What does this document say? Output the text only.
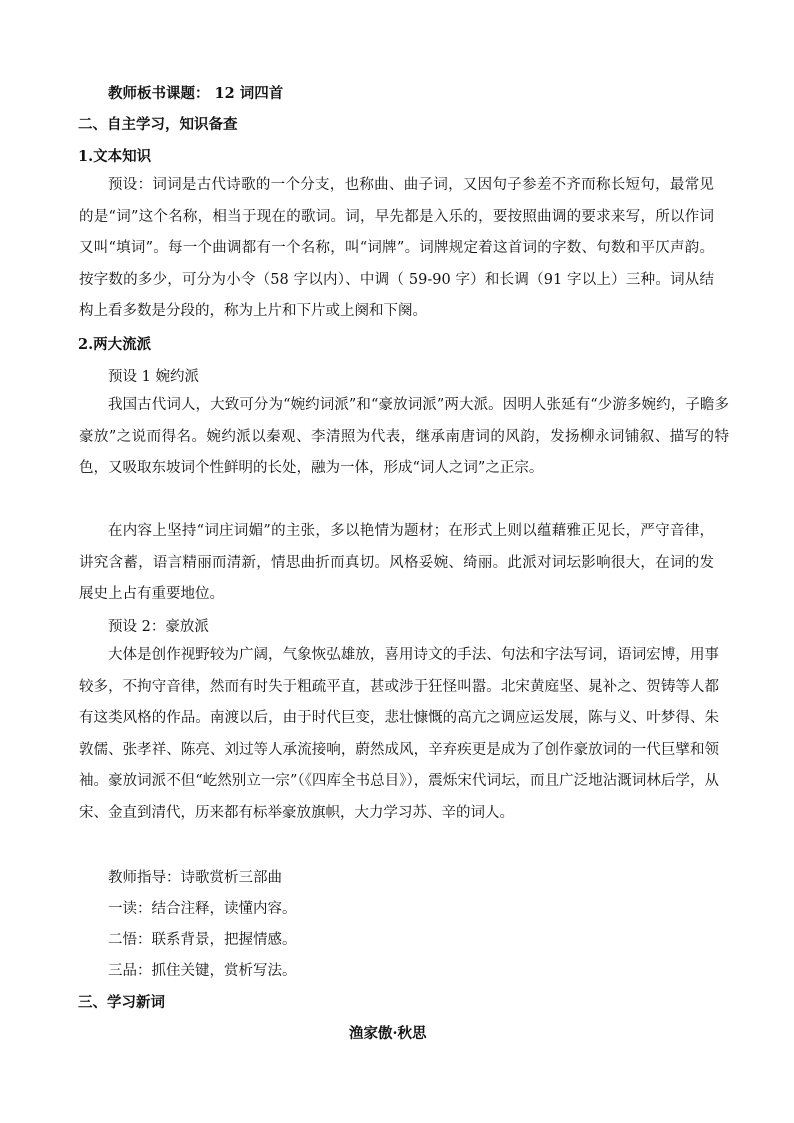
教师板书课题： 12 词四首
二、自主学习，知识备查
1.文本知识

预设：词词是古代诗歌的一个分支，也称曲、曲子词，又因句子参差不齐而称长短句，最常见的是“词”这个名称，相当于现在的歌词。词，早先都是入乐的，要按照曲调的要求来写，所以作词又叫“填词”。每一个曲调都有一个名称，叫“词牌”。词牌规定着这首词的字数、句数和平仄声韵。按字数的多少，可分为小令（58 字以内）、中调（ 59-90 字）和长调（91 字以上）三种。词从结构上看多数是分段的，称为上片和下片或上阕和下阕。

2.两大流派
预设 1 婉约派

我国古代词人，大致可分为“婉约词派”和“豪放词派”两大派。因明人张延有“少游多婉约，子瞻多豪放”之说而得名。婉约派以秦观、李清照为代表，继承南唐词的风韵，发扬柳永词铺叙、描写的特色，又吸取东坡词个性鲜明的长处，融为一体，形成“词人之词”之正宗。

在内容上坚持“词庄词媚”的主张，多以艳情为题材；在形式上则以蕴藉雅正见长，严守音律，讲究含蓄，语言精丽而清新，情思曲折而真切。风格妥婉、绮丽。此派对词坛影响很大，在词的发展史上占有重要地位。

预设 2：豪放派

大体是创作视野较为广阔，气象恢弘雄放，喜用诗文的手法、句法和字法写词，语词宏博，用事较多，不拘守音律，然而有时失于粗疏平直，甚或涉于狂怪叫嚣。北宋黄庭坚、晁补之、贺铸等人都有这类风格的作品。南渡以后，由于时代巨变，悲壮慷慨的高亢之调应运发展，陈与义、叶梦得、朱敦儒、张孝祥、陈亮、刘过等人承流接响，蔚然成风，辛弃疾更是成为了创作豪放词的一代巨擘和领袖。豪放词派不但“屹然别立一宗”（《四库全书总目》），震烁宋代词坛，而且广泛地沾溉词林后学，从宋、金直到清代，历来都有标举豪放旗帜，大力学习苏、辛的词人。

教师指导：诗歌赏析三部曲
一读：结合注释，读懂内容。
二悟：联系背景，把握情感。
三品：抓住关键，赏析写法。
三、学习新词
渔家傲·秋思
